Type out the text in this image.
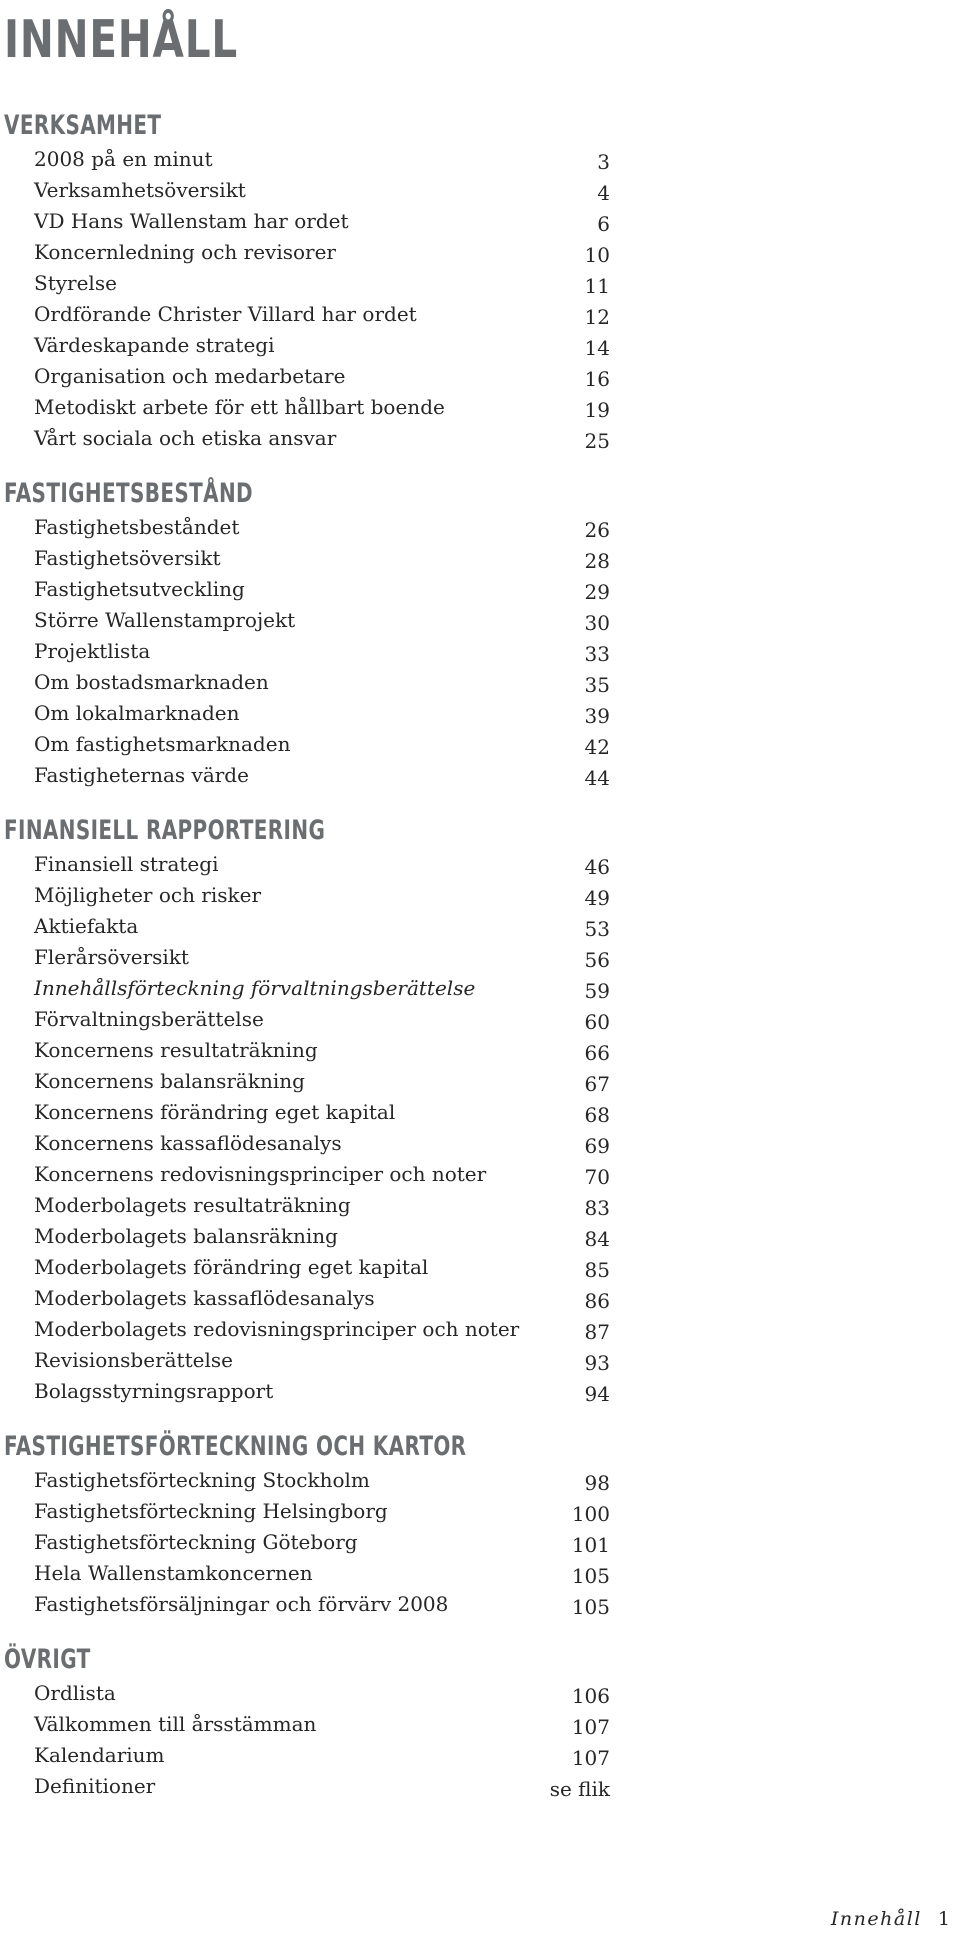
INNEHÅLL
VERKSAMHET
2008 på en minut	3
Verksamhetsöversikt	4
VD Hans Wallenstam har ordet	6
Koncernledning och revisorer	10
Styrelse	11
Ordförande Christer Villard har ordet	12
Värdeskapande strategi	14
Organisation och medarbetare	16
Metodiskt arbete för ett hållbart boende	19
Vårt sociala och etiska ansvar	25
FASTIGHETSBESTÅND
Fastighetsbeståndet	26
Fastighetsöversikt	28
Fastighetsutveckling	29
Större Wallenstamprojekt	30
Projektlista	33
Om bostadsmarknaden	35
Om lokalmarknaden	39
Om fastighetsmarknaden	42
Fastigheternas värde	44
FINANSIELL RAPPORTERING
Finansiell strategi	46
Möjligheter och risker	49
Aktiefakta	53
Flerårsöversikt	56
Innehållsförteckning förvaltningsberättelse	59
Förvaltningsberättelse	60
Koncernens resultaträkning	66
Koncernens balansräkning	67
Koncernens förändring eget kapital	68
Koncernens kassaflödesanalys	69
Koncernens redovisningsprinciper och noter	70
Moderbolagets resultaträkning	83
Moderbolagets balansräkning	84
Moderbolagets förändring eget kapital	85
Moderbolagets kassaflödesanalys	86
Moderbolagets redovisningsprinciper och noter	87
Revisionsberättelse	93
Bolagsstyrningsrapport	94
FASTIGHETSFÖRTECKNING OCH KARTOR
Fastighetsförteckning Stockholm	98
Fastighetsförteckning Helsingborg	100
Fastighetsförteckning Göteborg	101
Hela Wallenstamkoncernen	105
Fastighetsförsäljningar och förvärv 2008	105
ÖVRIGT
Ordlista	106
Välkommen till årsstämman	107
Kalendarium	107
Definitioner	se flik
Innehåll 1
